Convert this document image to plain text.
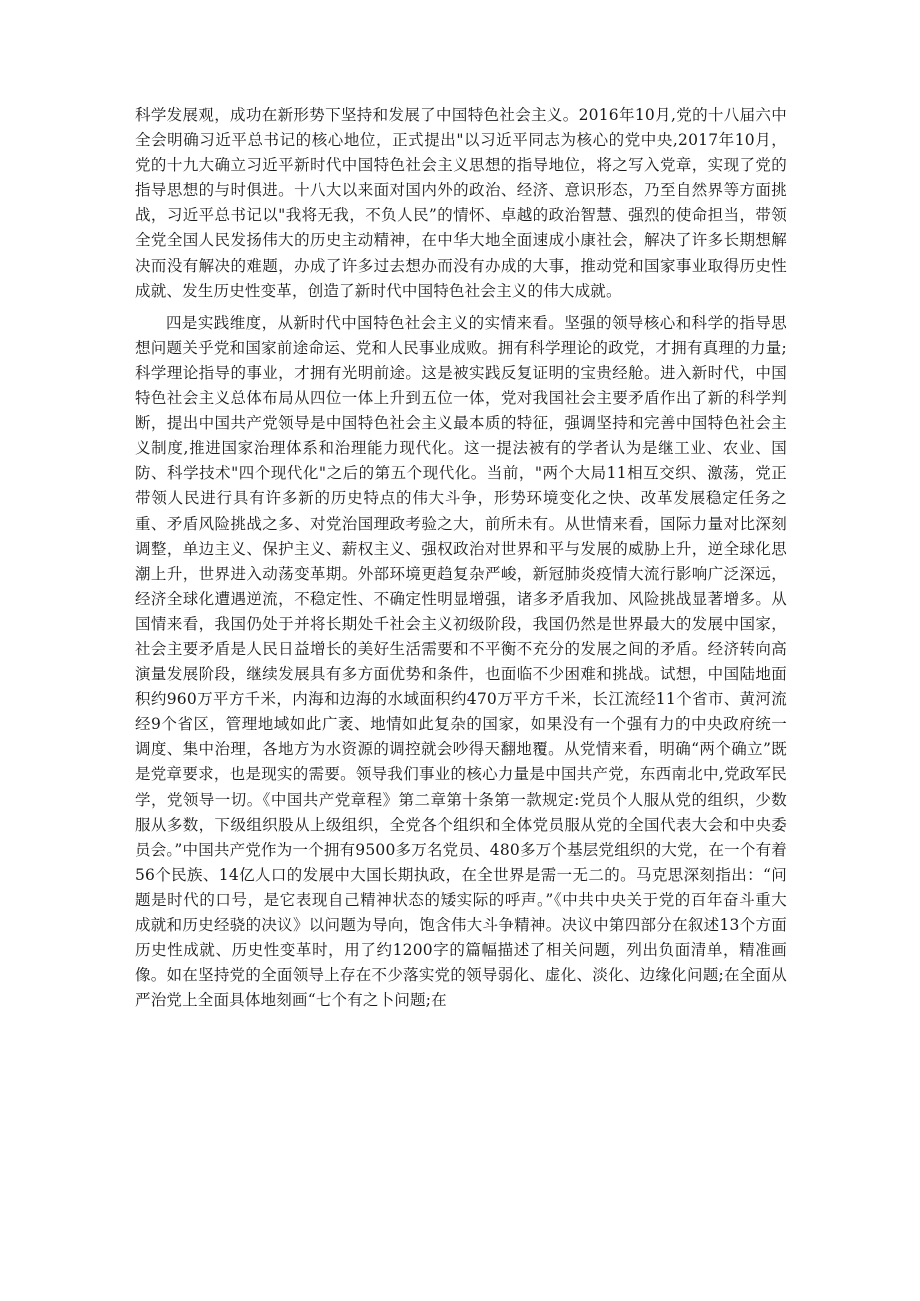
科学发展观，成功在新形势下坚持和发展了中国特色社会主义。2016年10月,党的十八届六中全会明确习近平总书记的核心地位，正式提出"以习近平同志为核心的党中央,2017年10月，党的十九大确立习近平新时代中国特色社会主义思想的指导地位，将之写入党章，实现了党的指导思想的与时俱进。十八大以来面对国内外的政治、经济、意识形态，乃至自然界等方面挑战，习近平总书记以"我将无我，不负人民”的情怀、卓越的政治智慧、强烈的使命担当，带领全党全国人民发扬伟大的历史主动精神，在中华大地全面速成小康社会，解决了许多长期想解决而没有解决的难题，办成了许多过去想办而没有办成的大事，推动党和国家事业取得历史性成就、发生历史性变革，创造了新时代中国特色社会主义的伟大成就。

四是实践维度，从新时代中国特色社会主义的实情来看。坚强的领导核心和科学的指导思想问题关乎党和国家前途命运、党和人民事业成败。拥有科学理论的政党，才拥有真理的力量;科学理论指导的事业，才拥有光明前途。这是被实践反复证明的宝贵经舱。进入新时代，中国特色社会主义总体布局从四位一体上升到五位一体，党对我国社会主要矛盾作出了新的科学判断，提出中国共产党领导是中国特色社会主义最本质的特征，强调坚持和完善中国特色社会主义制度,推进国家治理体系和治理能力现代化。这一提法被有的学者认为是继工业、农业、国防、科学技术"四个现代化"之后的第五个现代化。当前，"两个大局11相互交织、激荡，党正带领人民进行具有许多新的历史特点的伟大斗争，形势环境变化之快、改革发展稳定任务之重、矛盾风险挑战之多、对党治国理政考验之大，前所未有。从世情来看，国际力量对比深刻调整，单边主义、保护主义、薪权主义、强权政治对世界和平与发展的威胁上升，逆全球化思潮上升，世界进入动荡变革期。外部环境更趋复杂严峻，新冠肺炎疫情大流行影响广泛深远，经济全球化遭遇逆流，不稳定性、不确定性明显增强，诸多矛盾我加、风险挑战显著增多。从国情来看，我国仍处于并将长期处千社会主义初级阶段，我国仍然是世界最大的发展中国家，社会主要矛盾是人民日益增长的美好生活需要和不平衡不充分的发展之间的矛盾。经济转向高演量发展阶段，继续发展具有多方面优势和条件，也面临不少困难和挑战。试想，中国陆地面积约960万平方千米，内海和边海的水域面积约470万平方千米，长江流经11个省市、黄河流经9个省区，管理地域如此广袤、地情如此复杂的国家，如果没有一个强有力的中央政府统一调度、集中治理，各地方为水资源的调控就会吵得天翻地覆。从党情来看，明确“两个确立”既是党章要求，也是现实的需要。领导我们事业的核心力量是中国共产党，东西南北中,党政军民学，党领导一切。《中国共产党章程》第二章第十条第一款规定:党员个人服从党的组织，少数服从多数，下级组织股从上级组织，全党各个组织和全体党员服从党的全国代表大会和中央委员会。”中国共产党作为一个拥有9500多万名党员、480多万个基层党组织的大党，在一个有着56个民族、14亿人口的发展中大国长期执政，在全世界是需一无二的。马克思深刻指出：“问题是时代的口号，是它表现自己精神状态的矮实际的呼声。”《中共中央关于党的百年奋斗重大成就和历史经骁的决议》以问题为导向，饱含伟大斗争精神。决议中第四部分在叙述13个方面历史性成就、历史性变革时，用了约1200字的篇幅描述了相关问题，列出负面清单，精准画像。如在坚持党的全面领导上存在不少落实党的领导弱化、虚化、淡化、边缘化问题;在全面从严治党上全面具体地刻画“七个有之卜问题;在
